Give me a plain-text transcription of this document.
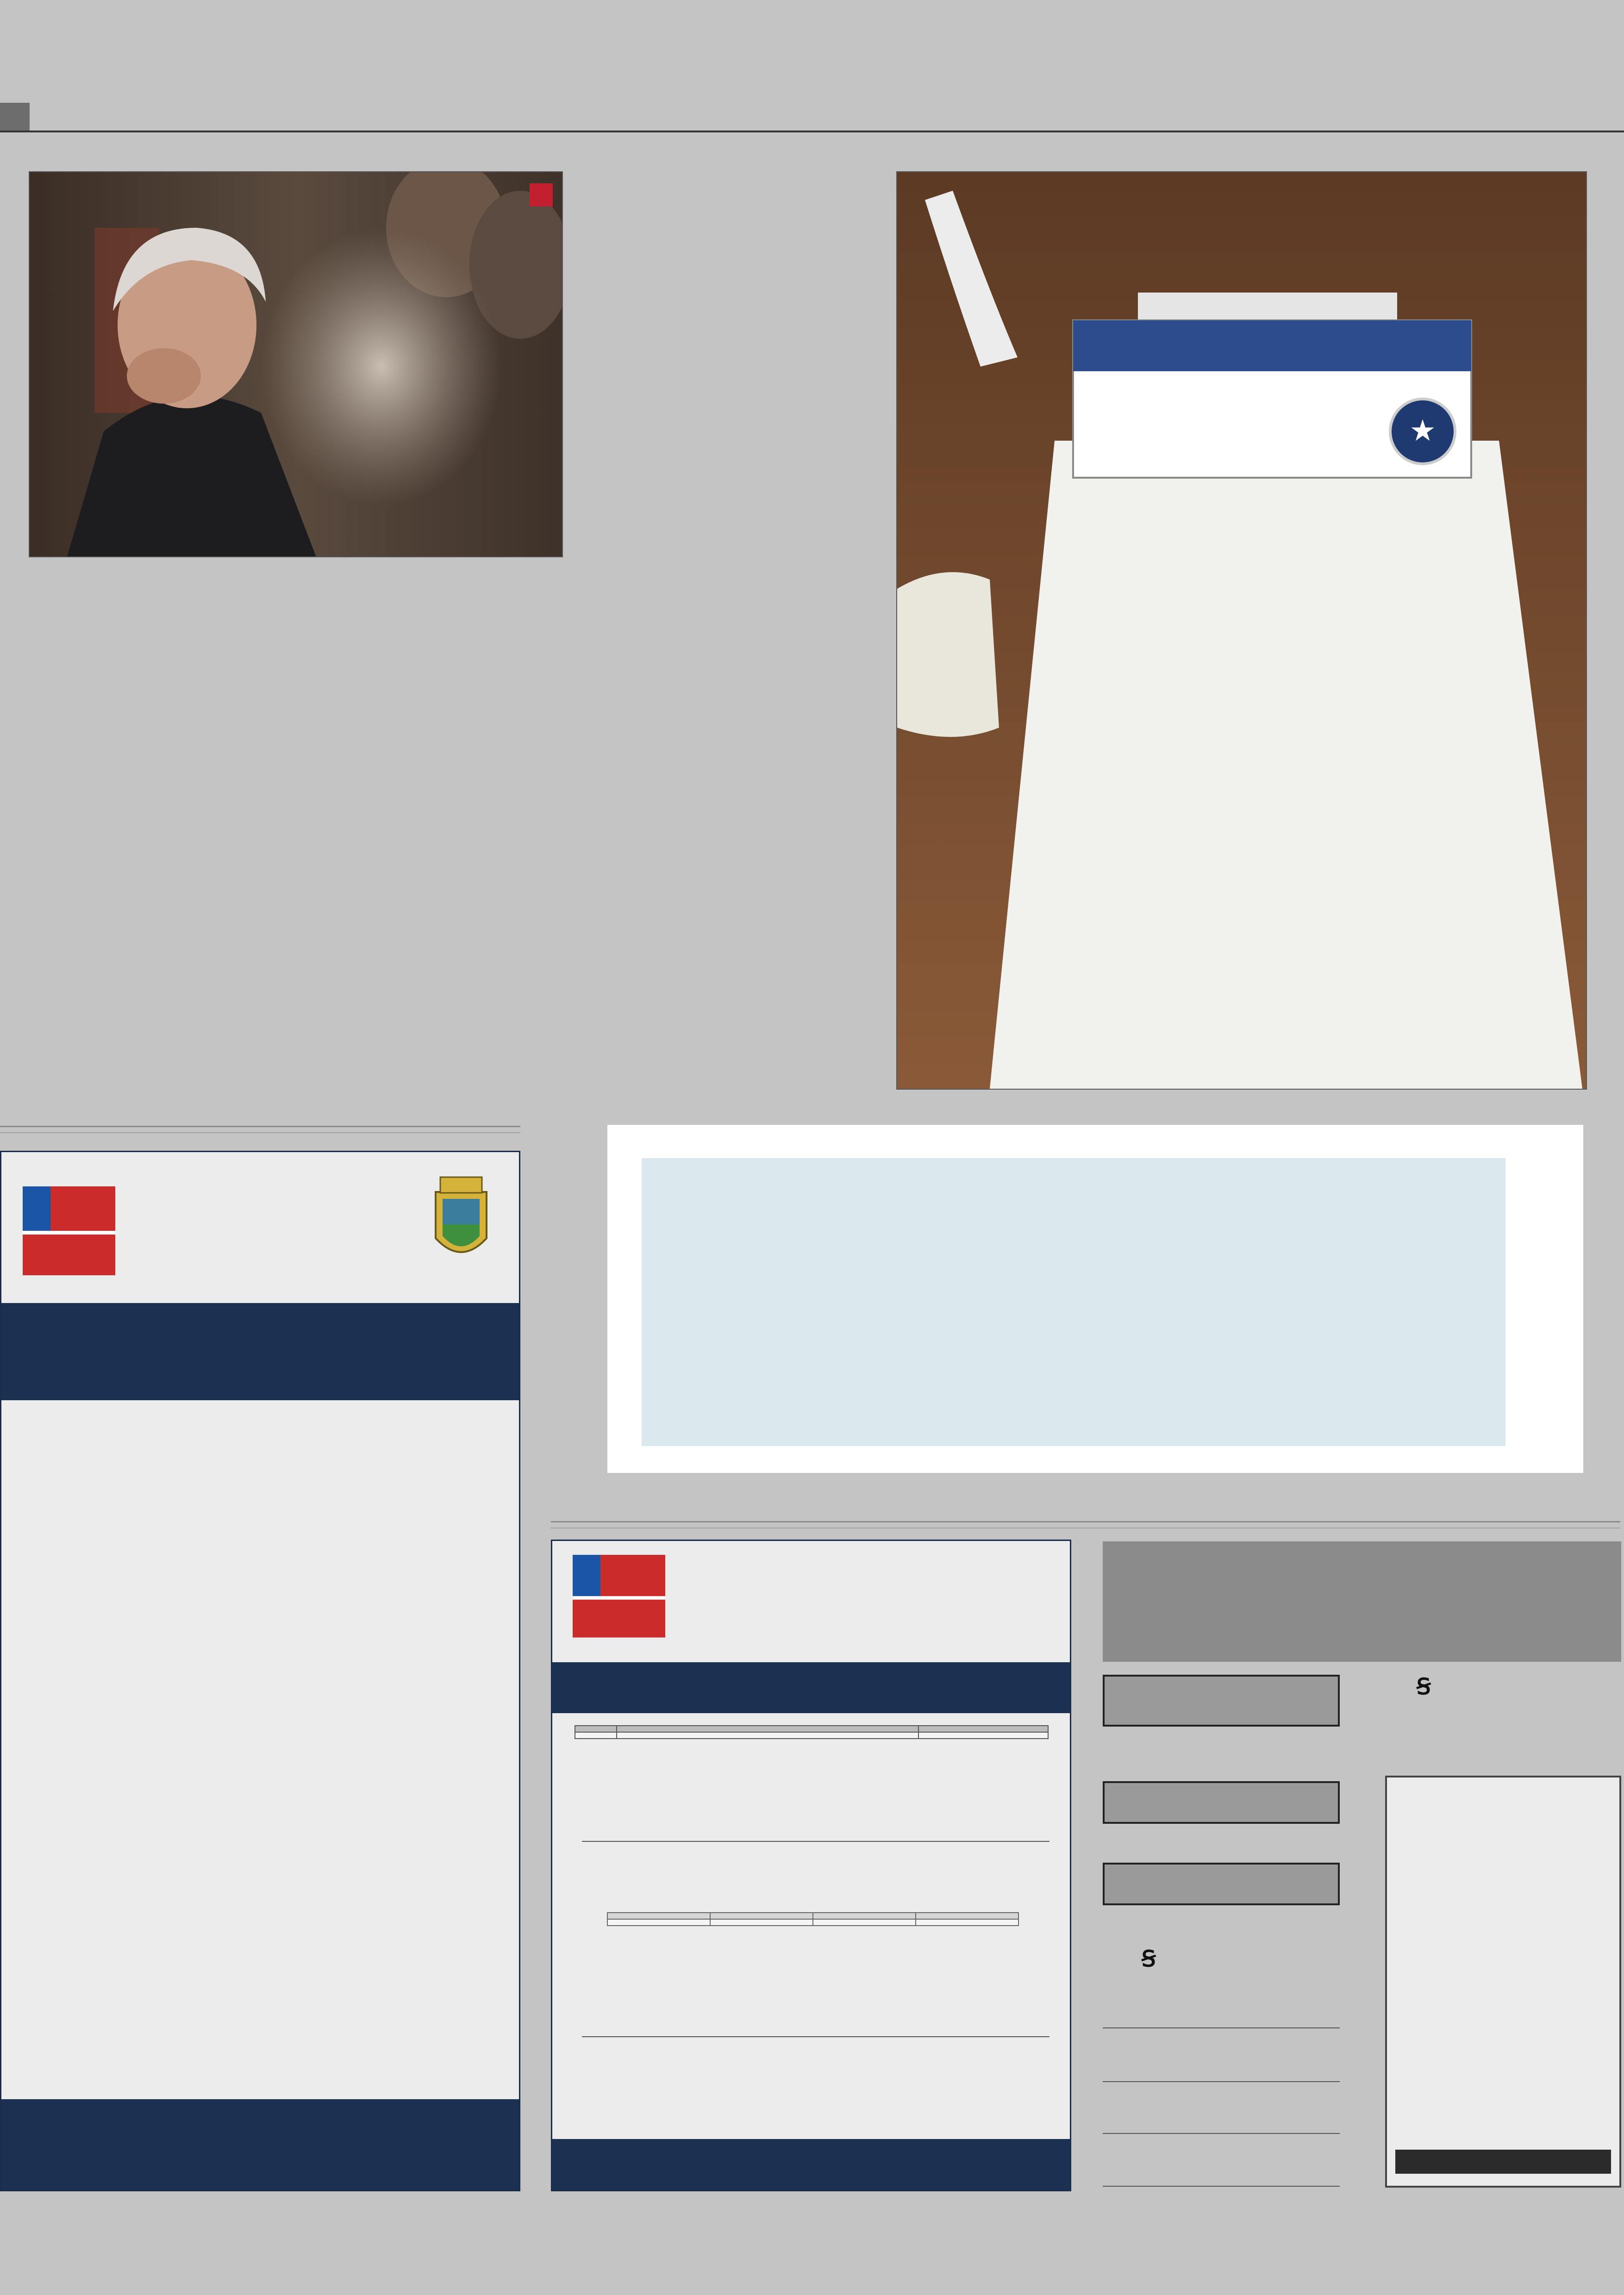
★

Ꞩ
Ꞩ
